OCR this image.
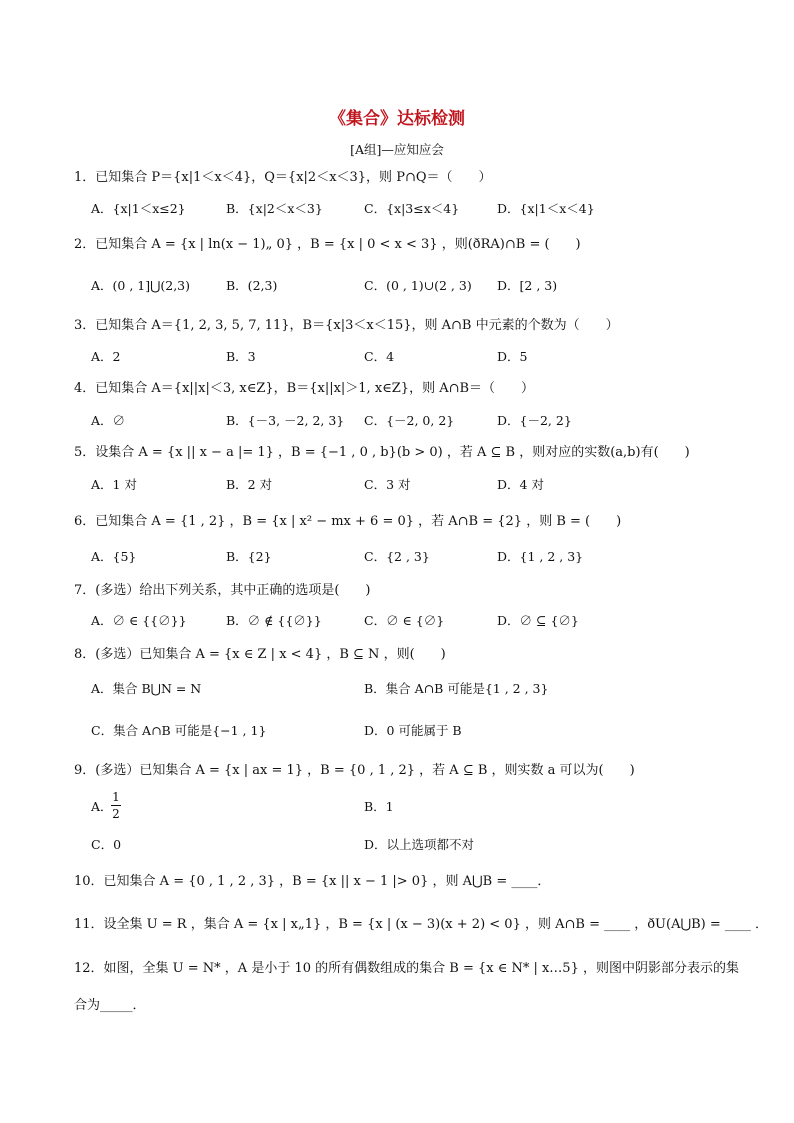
《集合》达标检测
[A组]—应知应会
1．已知集合 P＝{x|1＜x＜4}，Q＝{x|2＜x＜3}，则 P∩Q＝（　　）
A．{x|1＜x≤2}	B．{x|2＜x＜3}	C．{x|3≤x＜4}	D．{x|1＜x＜4}
2．已知集合 A = {x | ln(x − 1)„ 0} ，B = {x | 0 < x < 3} ，则(ðRA)∩B = (　　)
A．(0 , 1]⋃(2,3)	B．(2,3)	C．(0 , 1)∪(2 , 3) D．[2 , 3)
3．已知集合 A＝{1, 2, 3, 5, 7, 11}，B＝{x|3＜x＜15}，则 A∩B 中元素的个数为（　　）
A．2	B．3	C．4	D．5
4．已知集合 A＝{x||x|＜3, x∈Z}，B＝{x||x|＞1, x∈Z}，则 A∩B＝（　　）
A．∅	B．{－3, －2, 2, 3} C．{－2, 0, 2}	D．{－2, 2}
5．设集合 A = {x || x − a |= 1} ，B = {−1 , 0 , b}(b > 0) ，若 A ⊆ B ，则对应的实数(a,b)有(　　)
A．1 对	B．2 对	C．3 对	D．4 对
6．已知集合 A = {1 , 2} ，B = {x | x² − mx + 6 = 0} ，若 A∩B = {2} ，则 B = (　　)
A．{5}	B．{2}	C．{2 , 3}	D．{1 , 2 , 3}
7．(多选）给出下列关系，其中正确的选项是(　　)
A．∅ ∈ {{∅}}	B．∅ ∉ {{∅}}	C．∅ ∈ {∅}	D．∅ ⊆ {∅}
8．(多选）已知集合 A = {x ∈ Z | x < 4} ，B ⊆ N ，则(　　)
A．集合 B⋃N = N	B．集合 A∩B 可能是{1 , 2 , 3}
C．集合 A∩B 可能是{−1 , 1}	D．0 可能属于 B
9．(多选）已知集合 A = {x | ax = 1} ，B = {0 , 1 , 2} ，若 A ⊆ B ，则实数 a 可以为(　　)
A．
1
2	B．1
C．0	D．以上选项都不对
10．已知集合 A = {0 , 1 , 2 , 3} ，B = {x || x − 1 |> 0} ，则 A⋃B = ____．
11．设全集 U = R ，集合 A = {x | x„1} ，B = {x | (x − 3)(x + 2) < 0} ，则 A∩B = ____ ，ðU(A⋃B) = ____ ．
12．如图，全集 U = N* ，A 是小于 10 的所有偶数组成的集合 B = {x ∈ N* | x…5} ，则图中阴影部分表示的集
合为_____．
